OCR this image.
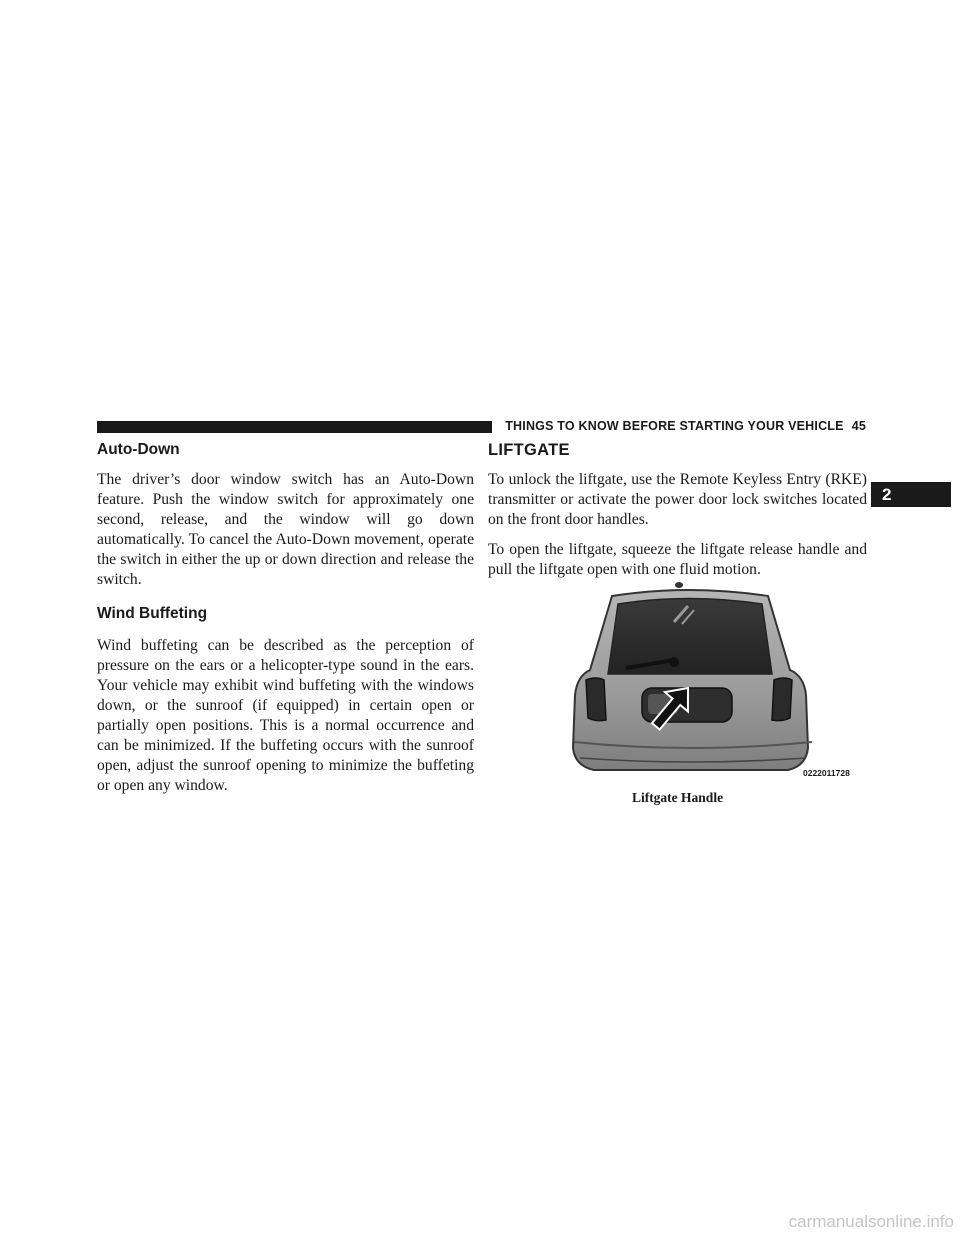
THINGS TO KNOW BEFORE STARTING YOUR VEHICLE 45
2
Auto-Down

The driver’s door window switch has an Auto-Down feature. Push the window switch for approximately one second, release, and the window will go down automatically. To cancel the Auto-Down movement, operate the switch in either the up or down direction and release the switch.

Wind Buffeting

Wind buffeting can be described as the perception of pressure on the ears or a helicopter-type sound in the ears. Your vehicle may exhibit wind buffeting with the windows down, or the sunroof (if equipped) in certain open or partially open positions. This is a normal occurrence and can be minimized. If the buffeting occurs with the sunroof open, adjust the sunroof opening to minimize the buffeting or open any window.

LIFTGATE

To unlock the liftgate, use the Remote Keyless Entry (RKE) transmitter or activate the power door lock switches located on the front door handles.

To open the liftgate, squeeze the liftgate release handle and pull the liftgate open with one fluid motion.

0222011728
Liftgate Handle
carmanualsonline.info
